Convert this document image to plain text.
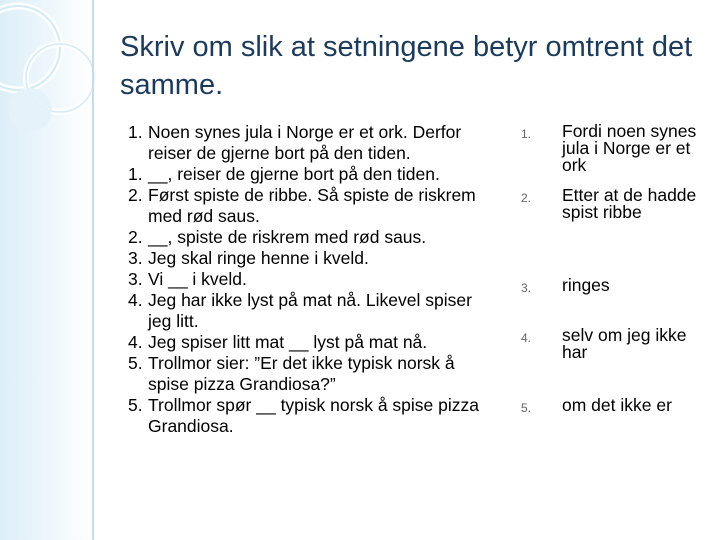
Skriv om slik at setningene betyr omtrent det samme.
1. Noen synes jula i Norge er et ork. Derfor reiser de gjerne bort på den tiden.
1. __, reiser de gjerne bort på den tiden.
2. Først spiste de ribbe. Så spiste de riskrem med rød saus.
2. __, spiste de riskrem med rød saus.
3. Jeg skal ringe henne i kveld.
3. Vi __ i kveld.
4. Jeg har ikke lyst på mat nå. Likevel spiser jeg litt.
4. Jeg spiser litt mat __ lyst på mat nå.
5. Trollmor sier: ”Er det ikke typisk norsk å spise pizza Grandiosa?”
5. Trollmor spør __ typisk norsk å spise pizza Grandiosa.
1.	Fordi noen synes jula i Norge er et ork
2.	Etter at de hadde spist ribbe
3.	ringes
4.	selv om jeg ikke har
5.	om det ikke er
